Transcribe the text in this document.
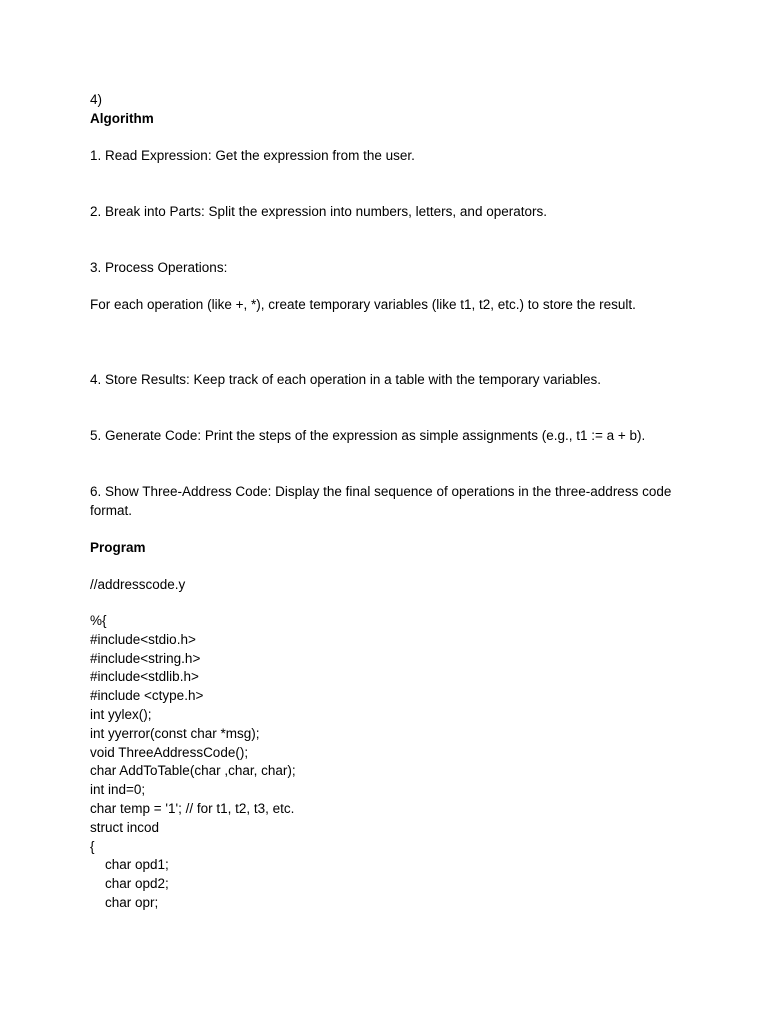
4)
Algorithm
1. Read Expression: Get the expression from the user.
2. Break into Parts: Split the expression into numbers, letters, and operators.
3. Process Operations:
For each operation (like +, *), create temporary variables (like t1, t2, etc.) to store the result.
4. Store Results: Keep track of each operation in a table with the temporary variables.
5. Generate Code: Print the steps of the expression as simple assignments (e.g., t1 := a + b).
6. Show Three-Address Code: Display the final sequence of operations in the three-address code format.
Program
//addresscode.y
%{
#include<stdio.h>
#include<string.h>
#include<stdlib.h>
#include <ctype.h>
int yylex();
int yyerror(const char *msg);
void ThreeAddressCode();
char AddToTable(char ,char, char);
int ind=0;
char temp = '1'; // for t1, t2, t3, etc.
struct incod
{
char opd1;
char opd2;
char opr;
